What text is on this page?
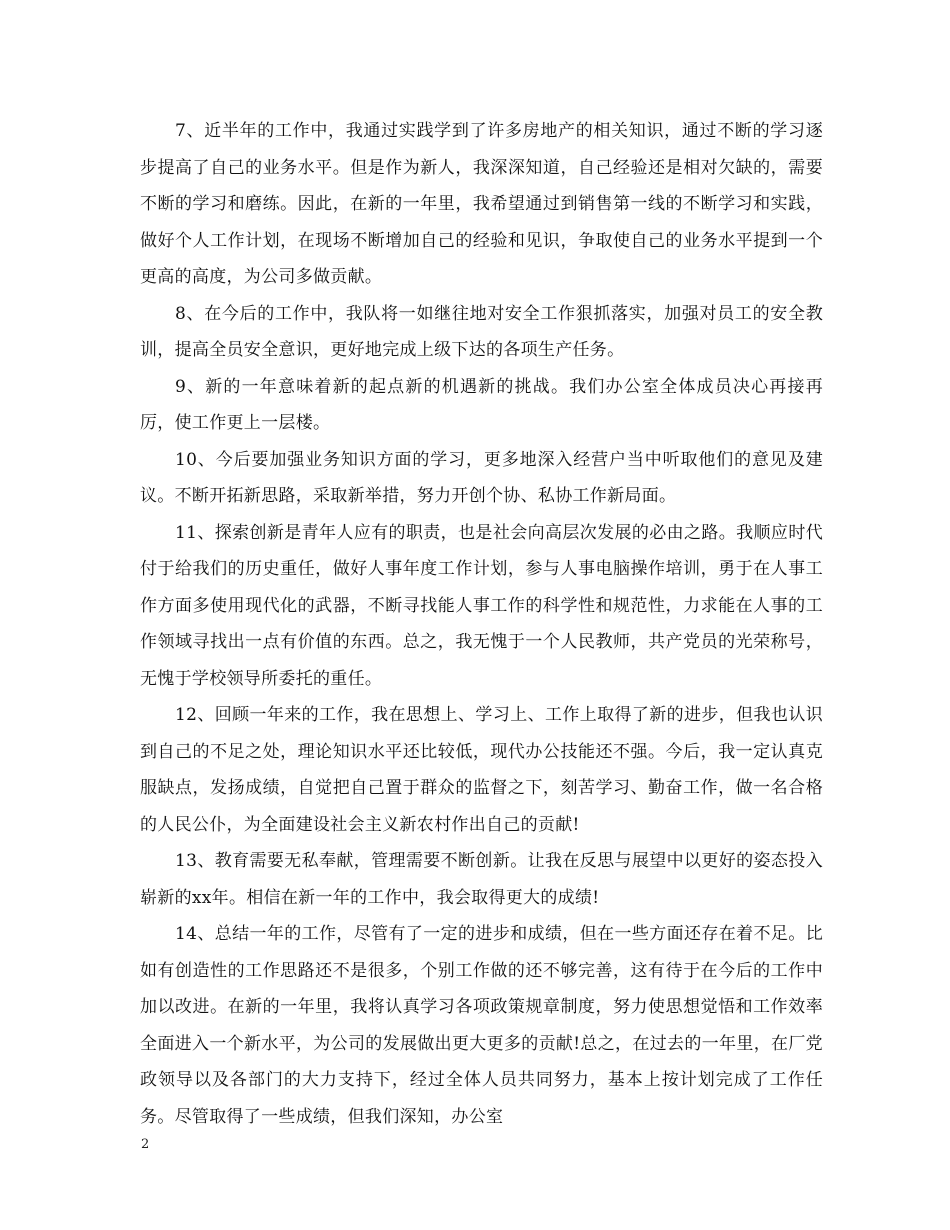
7、近半年的工作中，我通过实践学到了许多房地产的相关知识，通过不断的学习逐步提高了自己的业务水平。但是作为新人，我深深知道，自己经验还是相对欠缺的，需要不断的学习和磨练。因此，在新的一年里，我希望通过到销售第一线的不断学习和实践，做好个人工作计划，在现场不断增加自己的经验和见识，争取使自己的业务水平提到一个更高的高度，为公司多做贡献。

8、在今后的工作中，我队将一如继往地对安全工作狠抓落实，加强对员工的安全教训，提高全员安全意识，更好地完成上级下达的各项生产任务。

9、新的一年意味着新的起点新的机遇新的挑战。我们办公室全体成员决心再接再厉，使工作更上一层楼。

10、今后要加强业务知识方面的学习，更多地深入经营户当中听取他们的意见及建议。不断开拓新思路，采取新举措，努力开创个协、私协工作新局面。

11、探索创新是青年人应有的职责，也是社会向高层次发展的必由之路。我顺应时代付于给我们的历史重任，做好人事年度工作计划，参与人事电脑操作培训，勇于在人事工作方面多使用现代化的武器，不断寻找能人事工作的科学性和规范性，力求能在人事的工作领域寻找出一点有价值的东西。总之，我无愧于一个人民教师，共产党员的光荣称号，无愧于学校领导所委托的重任。

12、回顾一年来的工作，我在思想上、学习上、工作上取得了新的进步，但我也认识到自己的不足之处，理论知识水平还比较低，现代办公技能还不强。今后，我一定认真克服缺点，发扬成绩，自觉把自己置于群众的监督之下，刻苦学习、勤奋工作，做一名合格的人民公仆，为全面建设社会主义新农村作出自己的贡献!

13、教育需要无私奉献，管理需要不断创新。让我在反思与展望中以更好的姿态投入崭新的xx年。相信在新一年的工作中，我会取得更大的成绩!

14、总结一年的工作，尽管有了一定的进步和成绩，但在一些方面还存在着不足。比如有创造性的工作思路还不是很多，个别工作做的还不够完善，这有待于在今后的工作中加以改进。在新的一年里，我将认真学习各项政策规章制度，努力使思想觉悟和工作效率全面进入一个新水平，为公司的发展做出更大更多的贡献!总之，在过去的一年里，在厂党政领导以及各部门的大力支持下，经过全体人员共同努力，基本上按计划完成了工作任务。尽管取得了一些成绩，但我们深知，办公室

2
